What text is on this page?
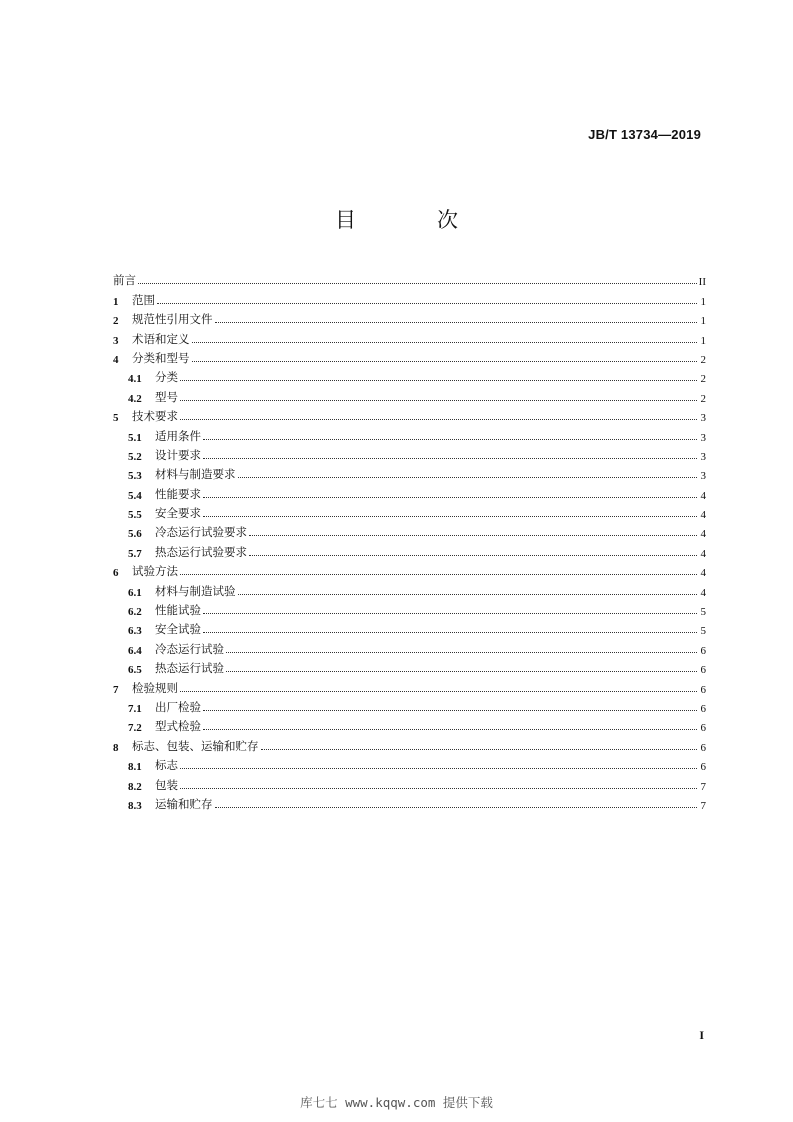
JB/T 13734—2019
目　次
前言	II
1	范围	1
2	规范性引用文件	1
3	术语和定义	1
4	分类和型号	2
4.1	分类	2
4.2	型号	2
5	技术要求	3
5.1	适用条件	3
5.2	设计要求	3
5.3	材料与制造要求	3
5.4	性能要求	4
5.5	安全要求	4
5.6	冷态运行试验要求	4
5.7	热态运行试验要求	4
6	试验方法	4
6.1	材料与制造试验	4
6.2	性能试验	5
6.3	安全试验	5
6.4	冷态运行试验	6
6.5	热态运行试验	6
7	检验规则	6
7.1	出厂检验	6
7.2	型式检验	6
8	标志、包装、运输和贮存	6
8.1	标志	6
8.2	包装	7
8.3	运输和贮存	7
I
库七七 www.kqqw.com 提供下载
